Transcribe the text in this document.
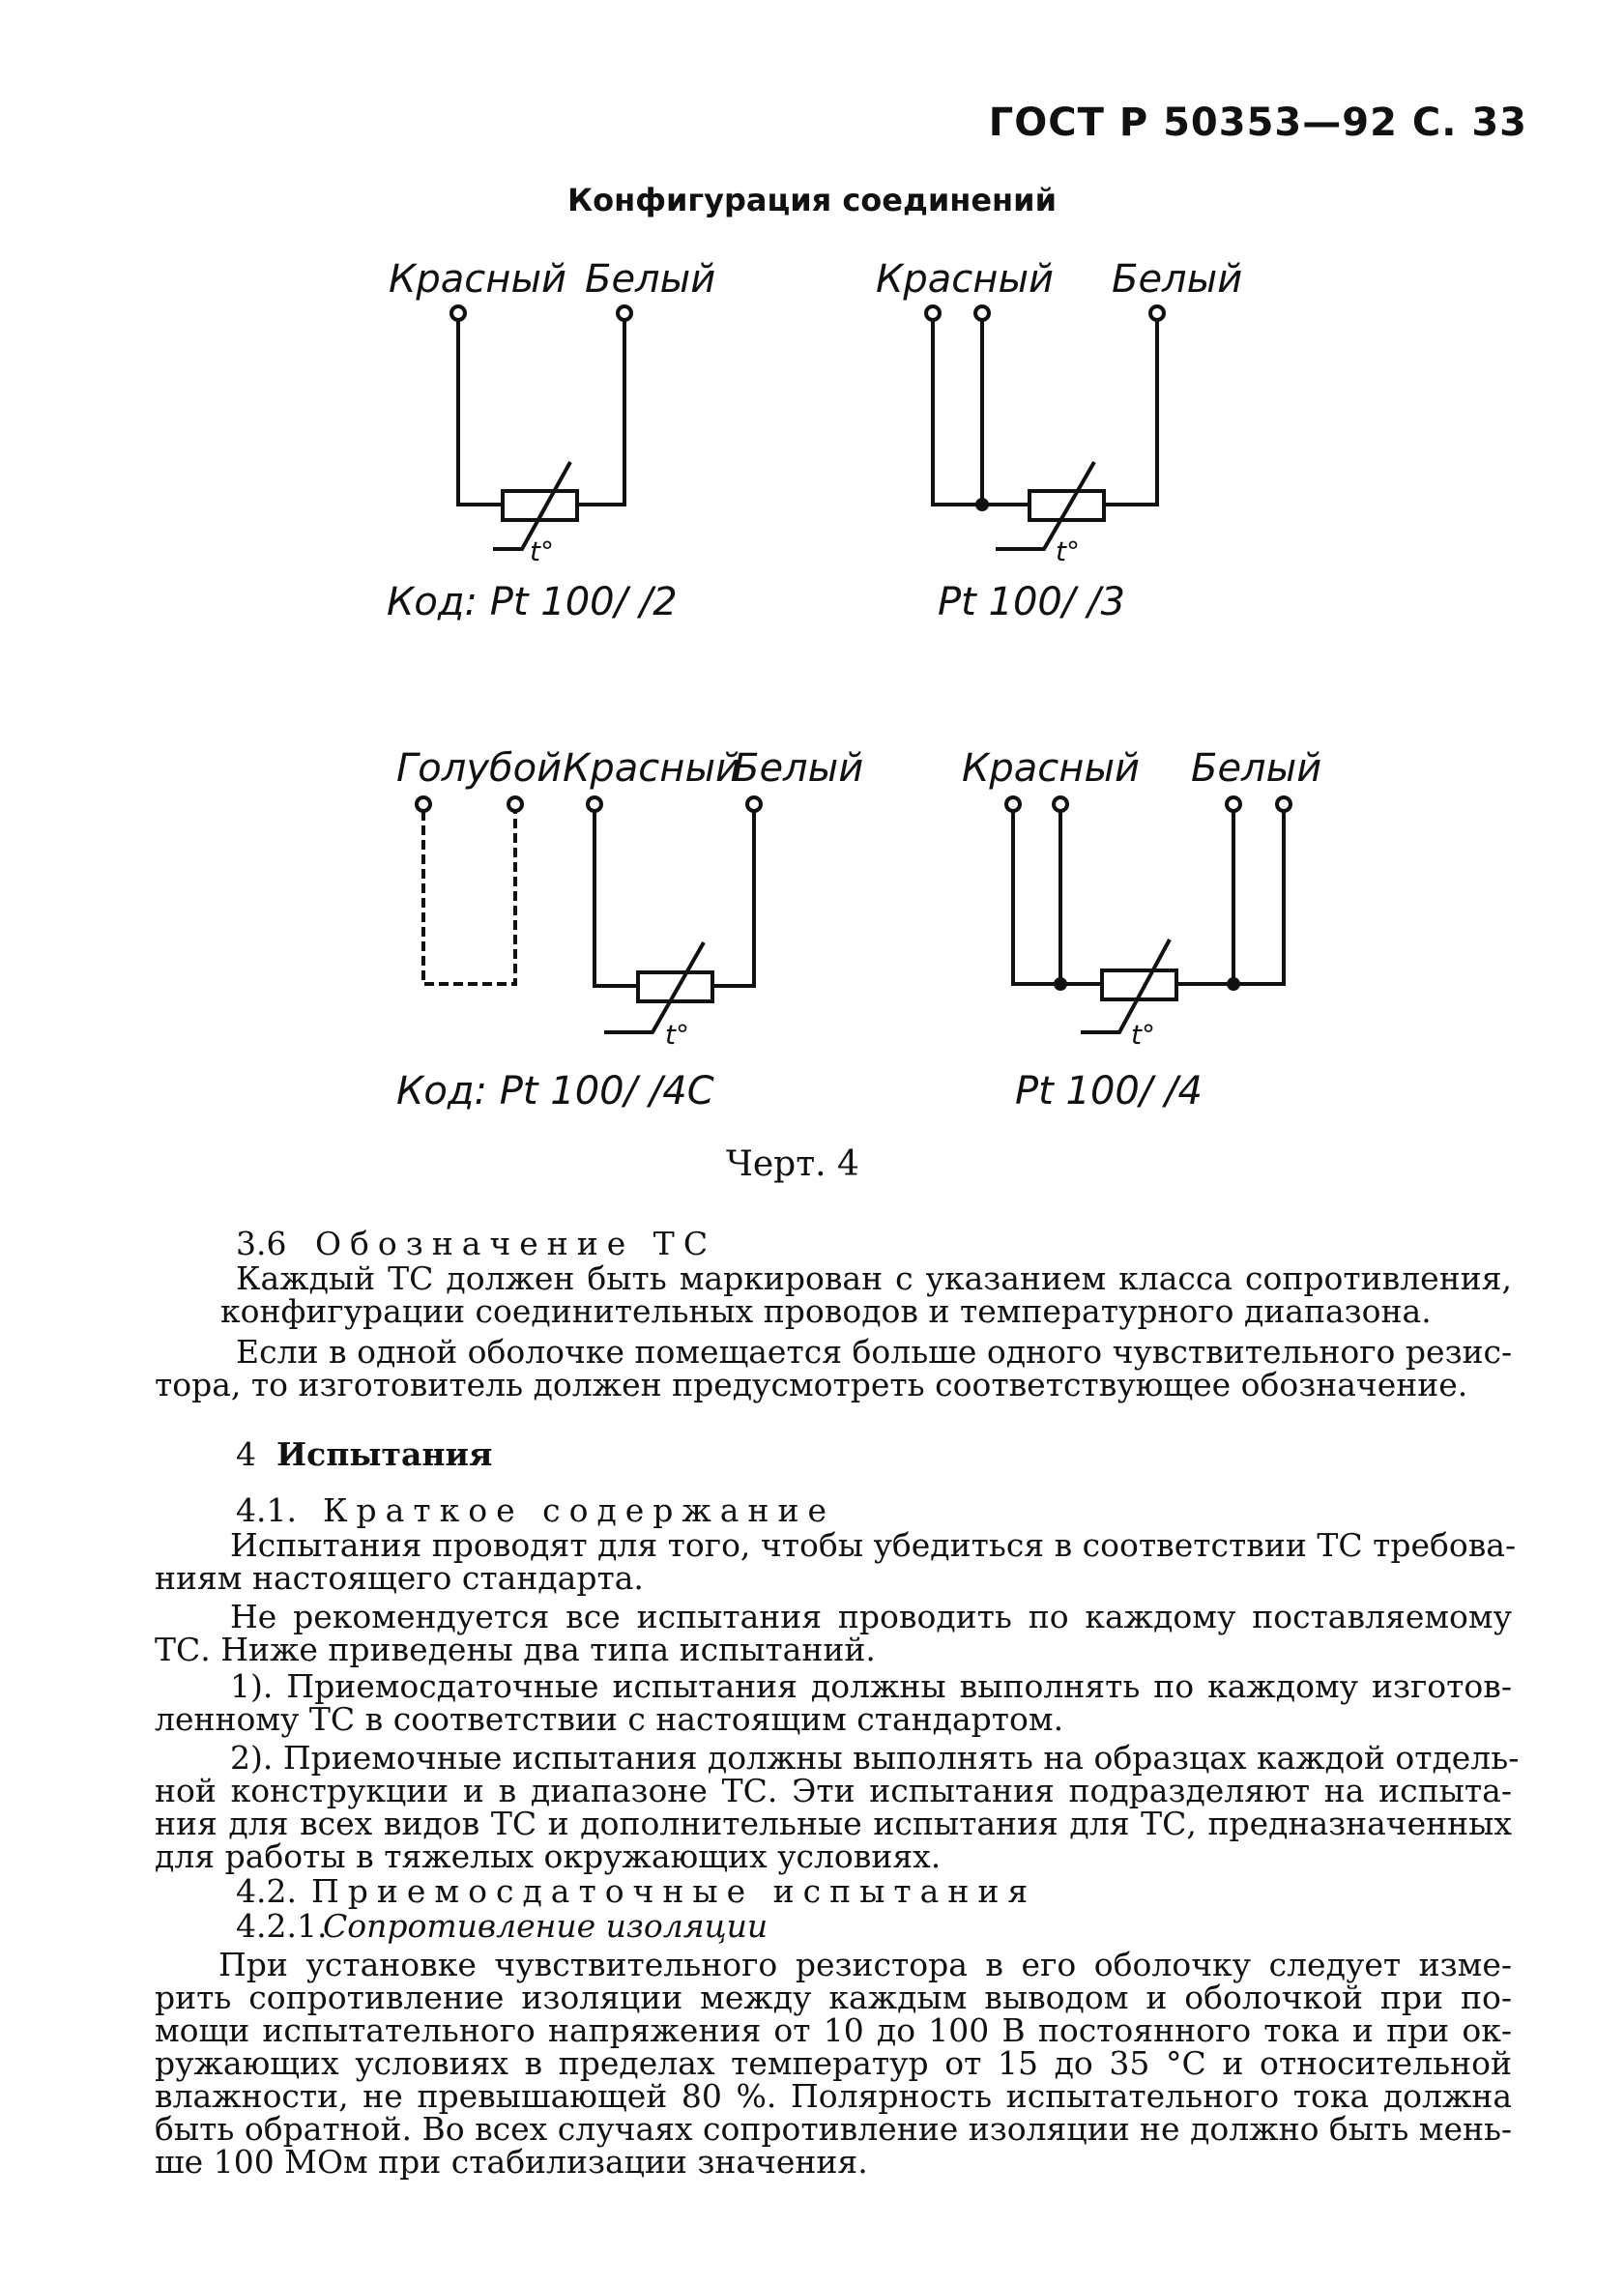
ГОСТ Р 50353—92 С. 33
Конфигурация соединений
Красный Белый
t°
Код: Pt 100/ /2
Красный Белый
t°
Pt 100/ /3
Голубой Красный
Белый
t°
Код: Pt 100/ /4C
Красный Белый
t°
Pt 100/ /4
Черт. 4
3.6 Обозначение ТС
Каждый ТС должен быть маркирован с указанием класса сопротивления,
конфигурации соединительных проводов и температурного диапазона.
Если в одной оболочке помещается больше одного чувствительного резис-
тора, то изготовитель должен предусмотреть соответствующее обозначение.
4 Испытания
4.1. Краткое содержание
Испытания проводят для того, чтобы убедиться в соответствии ТС требова-
ниям настоящего стандарта.
Не рекомендуется все испытания проводить по каждому поставляемому
ТС. Ниже приведены два типа испытаний.
1). Приемосдаточные испытания должны выполнять по каждому изготов-
ленному ТС в соответствии с настоящим стандартом.
2). Приемочные испытания должны выполнять на образцах каждой отдель-
ной конструкции и в диапазоне ТС. Эти испытания подразделяют на испыта-
ния для всех видов ТС и дополнительные испытания для ТС, предназначенных
для работы в тяжелых окружающих условиях.
4.2. Приемосдаточные испытания
4.2.1.
Сопротивление изоляции
При установке чувствительного резистора в его оболочку следует изме-
рить сопротивление изоляции между каждым выводом и оболочкой при по-
мощи испытательного напряжения от 10 до 100 В постоянного тока и при ок-
ружающих условиях в пределах температур от 15 до 35 °С и относительной
влажности, не превышающей 80 %. Полярность испытательного тока должна
быть обратной. Во всех случаях сопротивление изоляции не должно быть мень-
ше 100 МОм при стабилизации значения.
